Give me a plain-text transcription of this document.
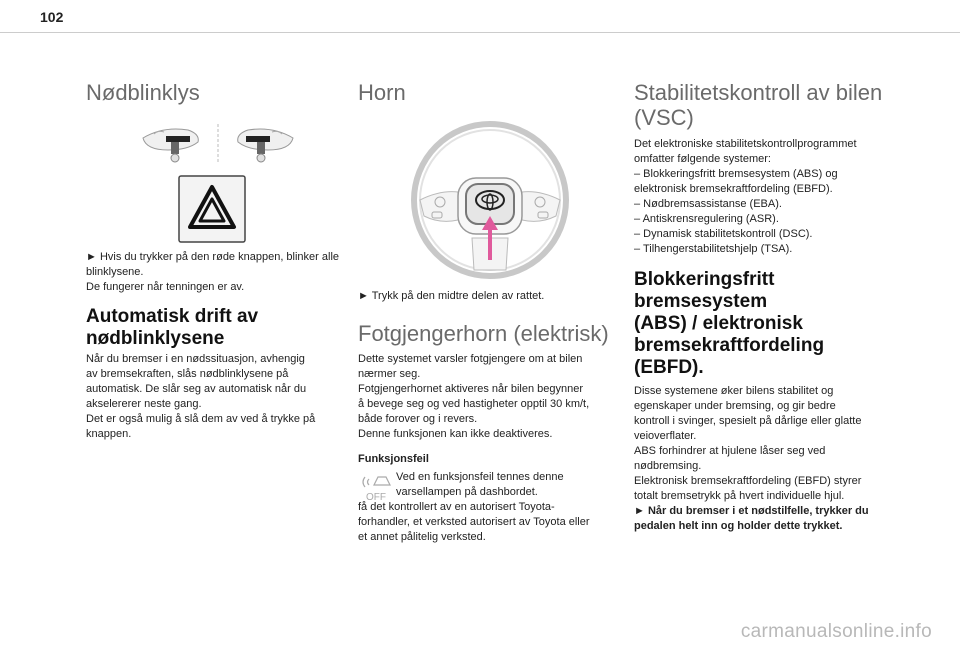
102
Nødblinklys

► Hvis du trykker på den røde knappen, blinker alle blinklysene.

De fungerer når tenningen er av.

Automatisk drift av nødblinklysene

Når du bremser i en nødssituasjon, avhengig

av bremsekraften, slås nødblinklysene på

automatisk. De slår seg av automatisk når du

akselererer neste gang.

Det er også mulig å slå dem av ved å trykke på

knappen.

Horn

► Trykk på den midtre delen av rattet.

Fotgjengerhorn (elektrisk)

Dette systemet varsler fotgjengere om at bilen

nærmer seg.

Fotgjengerhornet aktiveres når bilen begynner

å bevege seg og ved hastigheter opptil 30 km/t,

både forover og i revers.

Denne funksjonen kan ikke deaktiveres.

Funksjonsfeil

OFF

Ved en funksjonsfeil tennes denne

varsellampen på dashbordet.

få det kontrollert av en autorisert Toyota-

forhandler, et verksted autorisert av Toyota eller

et annet pålitelig verksted.

Stabilitetskontroll av bilen
(VSC)

Det elektroniske stabilitetskontrollprogrammet

omfatter følgende systemer:

– Blokkeringsfritt bremsesystem (ABS) og

elektronisk bremsekraftfordeling (EBFD).

– Nødbremsassistanse (EBA).

– Antiskrensregulering (ASR).

– Dynamisk stabilitetskontroll (DSC).

– Tilhengerstabilitetshjelp (TSA).

Blokkeringsfritt
bremsesystem
(ABS) / elektronisk
bremsekraftfordeling
(EBFD).

Disse systemene øker bilens stabilitet og

egenskaper under bremsing, og gir bedre

kontroll i svinger, spesielt på dårlige eller glatte

veioverflater.

ABS forhindrer at hjulene låser seg ved

nødbremsing.

Elektronisk bremsekraftfordeling (EBFD) styrer

totalt bremsetrykk på hvert individuelle hjul.

► Når du bremser i et nødstilfelle, trykker du

pedalen helt inn og holder dette trykket.

carmanualsonline.info
